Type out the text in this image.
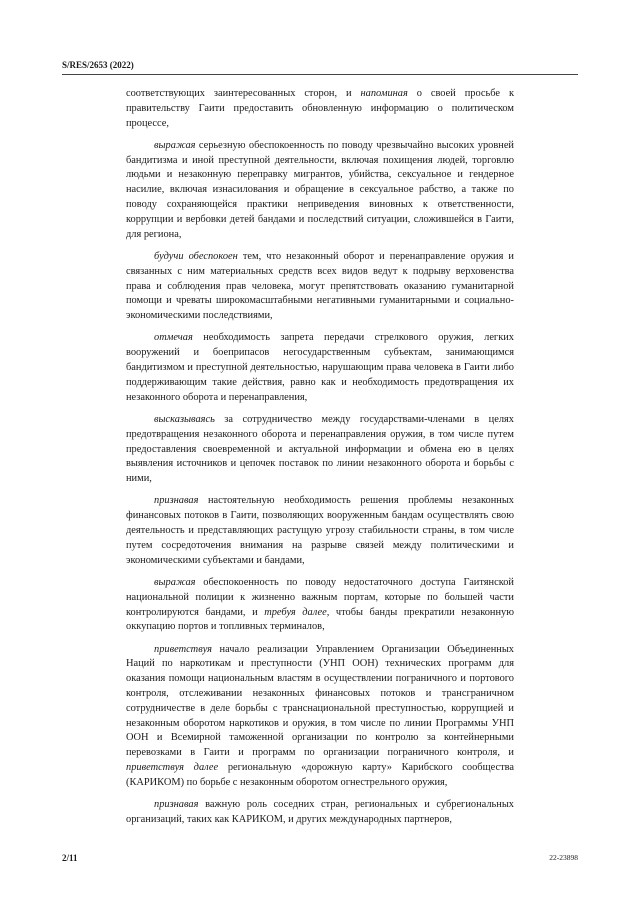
S/RES/2653 (2022)

соответствующих заинтересованных сторон, и напоминая о своей просьбе к правительству Гаити предоставить обновленную информацию о политическом процессе,

выражая серьезную обеспокоенность по поводу чрезвычайно высоких уровней бандитизма и иной преступной деятельности, включая похищения людей, торговлю людьми и незаконную переправку мигрантов, убийства, сексуальное и гендерное насилие, включая изнасилования и обращение в сексуальное рабство, а также по поводу сохраняющейся практики неприведения виновных к ответственности, коррупции и вербовки детей бандами и последствий ситуации, сложившейся в Гаити, для региона,

будучи обеспокоен тем, что незаконный оборот и перенаправление оружия и связанных с ним материальных средств всех видов ведут к подрыву верховенства права и соблюдения прав человека, могут препятствовать оказанию гуманитарной помощи и чреваты широкомасштабными негативными гуманитарными и социально-экономическими последствиями,

отмечая необходимость запрета передачи стрелкового оружия, легких вооружений и боеприпасов негосударственным субъектам, занимающимся бандитизмом и преступной деятельностью, нарушающим права человека в Гаити либо поддерживающим такие действия, равно как и необходимость предотвращения их незаконного оборота и перенаправления,

высказываясь за сотрудничество между государствами-членами в целях предотвращения незаконного оборота и перенаправления оружия, в том числе путем предоставления своевременной и актуальной информации и обмена ею в целях выявления источников и цепочек поставок по линии незаконного оборота и борьбы с ними,

признавая настоятельную необходимость решения проблемы незаконных финансовых потоков в Гаити, позволяющих вооруженным бандам осуществлять свою деятельность и представляющих растущую угрозу стабильности страны, в том числе путем сосредоточения внимания на разрыве связей между политическими и экономическими субъектами и бандами,

выражая обеспокоенность по поводу недостаточного доступа Гаитянской национальной полиции к жизненно важным портам, которые по большей части контролируются бандами, и требуя далее, чтобы банды прекратили незаконную оккупацию портов и топливных терминалов,

приветствуя начало реализации Управлением Организации Объединенных Наций по наркотикам и преступности (УНП ООН) технических программ для оказания помощи национальным властям в осуществлении пограничного и портового контроля, отслеживании незаконных финансовых потоков и трансграничном сотрудничестве в деле борьбы с транснациональной преступностью, коррупцией и незаконным оборотом наркотиков и оружия, в том числе по линии Программы УНП ООН и Всемирной таможенной организации по контролю за контейнерными перевозками в Гаити и программ по организации пограничного контроля, и приветствуя далее региональную «дорожную карту» Карибского сообщества (КАРИКОМ) по борьбе с незаконным оборотом огнестрельного оружия,

признавая важную роль соседних стран, региональных и субрегиональных организаций, таких как КАРИКОМ, и других международных партнеров,

2/11	22-23898
